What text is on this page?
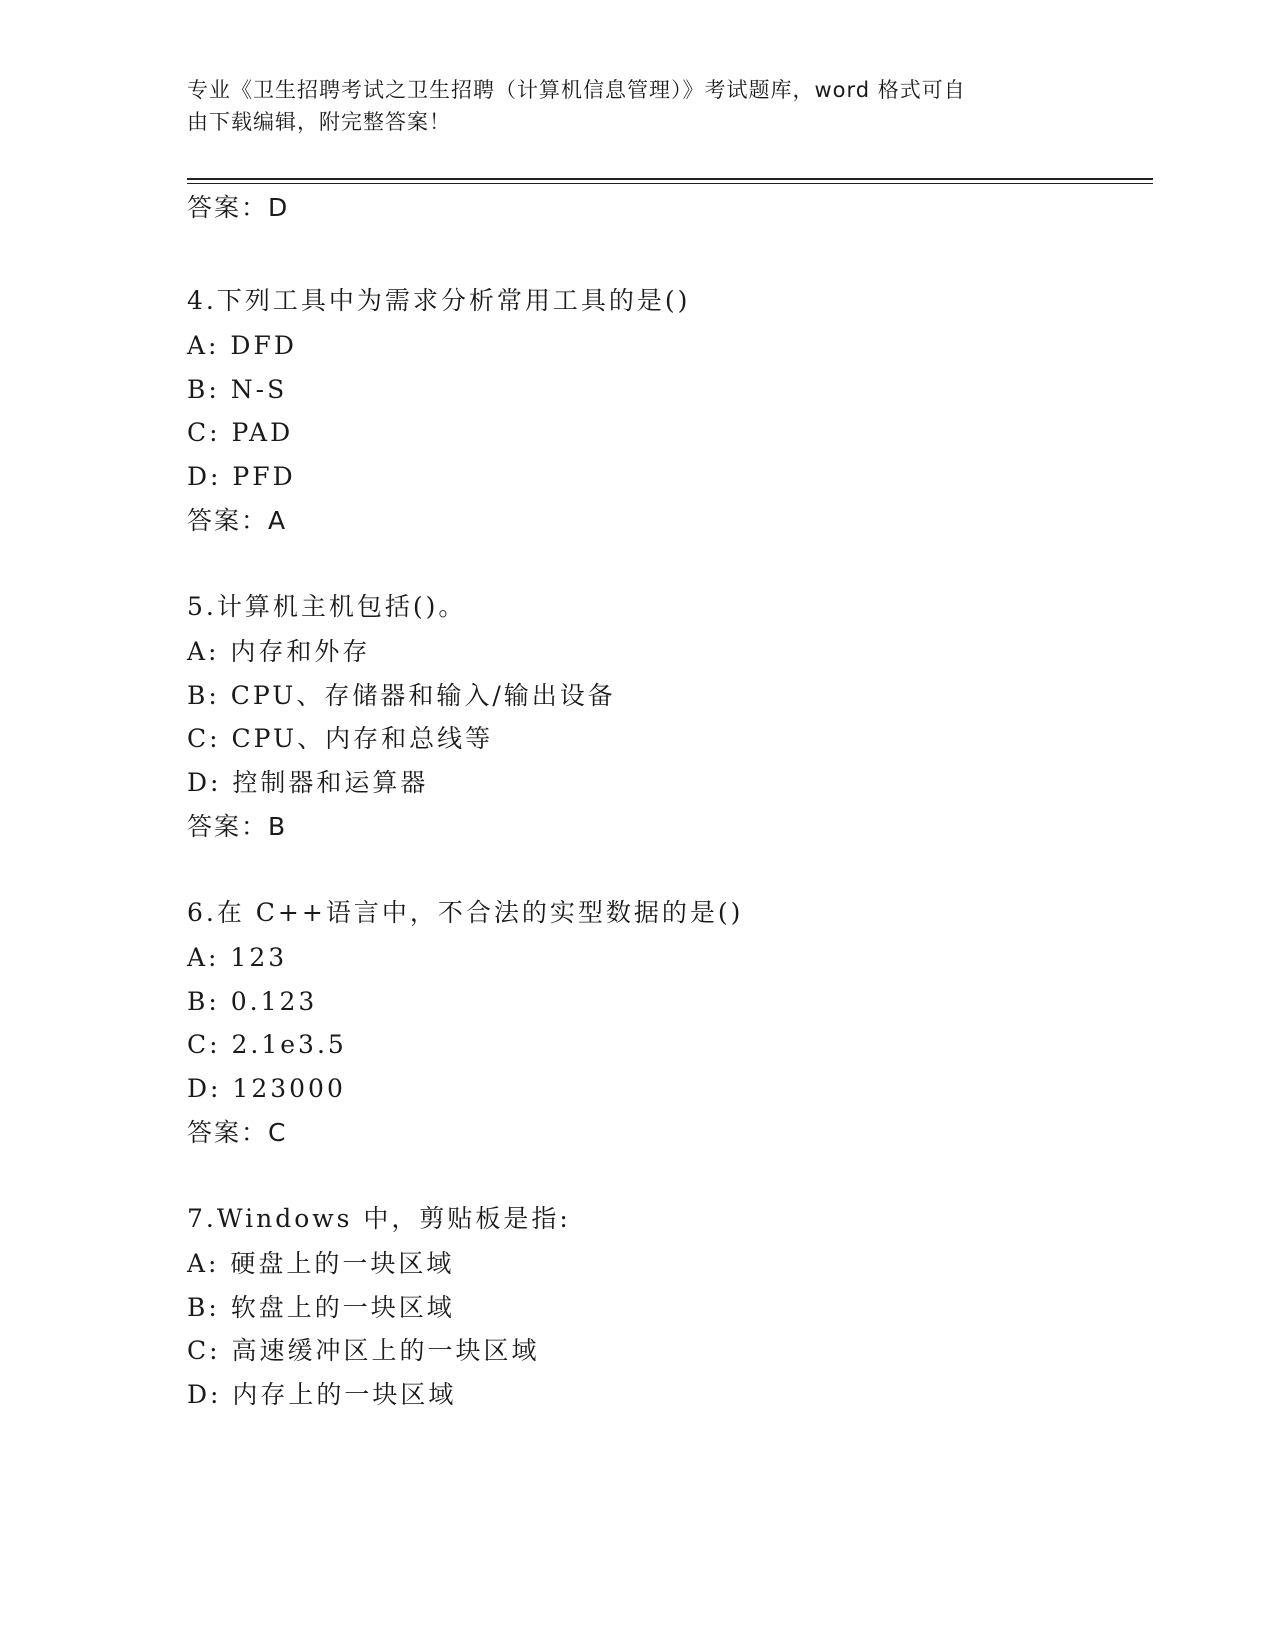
专业《卫生招聘考试之卫生招聘（计算机信息管理）》考试题库，word 格式可自
由下载编辑，附完整答案！
答案：D
4.下列工具中为需求分析常用工具的是()
A: DFD
B: N-S
C: PAD
D: PFD
答案：A
5.计算机主机包括()。
A: 内存和外存
B: CPU、存储器和输入/输出设备
C: CPU、内存和总线等
D: 控制器和运算器
答案：B
6.在 C++语言中，不合法的实型数据的是()
A: 123
B: 0.123
C: 2.1e3.5
D: 123000
答案：C
7.Windows 中，剪贴板是指:
A: 硬盘上的一块区域
B: 软盘上的一块区域
C: 高速缓冲区上的一块区域
D: 内存上的一块区域
